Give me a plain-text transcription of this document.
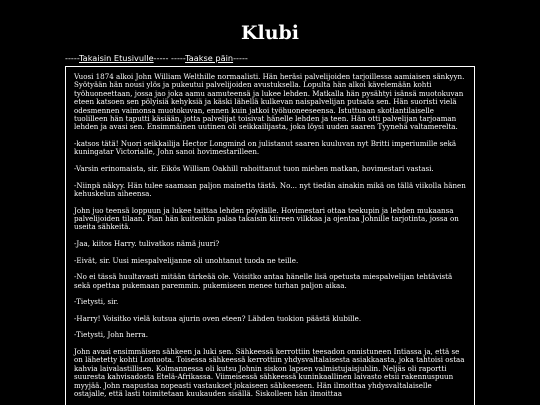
Klubi
-----Takaisin Etusivulle----- -----Taakse päin-----

Vuosi 1874 alkoi John William Welthille normaalisti. Hän heräsi palvelijoiden tarjoillessa aamiaisen sänkyyn. Syötyään hän nousi ylös ja pukeutui palvelijoiden avustuksella. Lopulta hän alkoi kävelemään kohti työhuoneettaan, jossa jao joka aamu aamuteensä ja lukee lehden. Matkalla hän pysähtyi isänsä muotokuvan eteen katsoen sen pölyisiä kehyksiä ja käski lähellä kulkevan naispalvelijan putsata sen. Hän suoristi vielä odesmennen vaimonsa muotokuvan, ennen kuin jatkoi työhuoneeseensa. Istuttuaan skotlantilaiselle tuolilleen hän taputti käsiään, jotta palvelijat toisivat hänelle lehden ja teen. Hän otti palvelijan tarjoaman lehden ja avasi sen. Ensimmäinen uutinen oli seikkailijasta, joka löysi uuden saaren Tyynehä valtamerelta.

-katsos tätä! Nuori seikkailija Hector Longmind on julistanut saaren kuuluvan nyt Britti imperiumille sekä kuningatar Victorialle, John sanoi hovimestarilleen.

-Varsin erinomaista, sir. Eikös William Oakhill rahoittanut tuon miehen matkan, hovimestari vastasi.

-Niinpä näkyy. Hän tulee saamaan paljon mainetta tästä. No... nyt tiedän ainakin mikä on tällä viikolla hänen kehuskelun aiheensa.

John juo teensä loppuun ja lukee taittaa lehden pöydälle. Hovimestari ottaa teekupin ja lehden mukaansa palvelijoiden tilaan. Pian hän kuitenkin palaa takaisin kiireen vilkkaa ja ojentaa Johnille tarjotinta, jossa on useita sähkeitä.

-Jaa, kiitos Harry. tulivatkos nämä juuri?

-Eivät, sir. Uusi miespalvelijanne oli unohtanut tuoda ne teille.

-No ei tässä huultavasti mitään tärkeää ole. Voisitko antaa hänelle lisä opetusta miespalvelijan tehtävistä sekä opettaa pukemaan paremmin. pukemiseen menee turhan paljon aikaa.

-Tietysti, sir.

-Harry! Voisitko vielä kutsua ajurin oven eteen? Lähden tuokion päästä klubille.

-Tietysti, John herra.

John avasi ensimmäisen sähkeen ja luki sen. Sähkeessä kerrottiin teesadon onnistuneen Intiassa ja, että se on lähetetty kohti Lontoota. Toisessa sähkeessä kerrottiin yhdysvaltalaisesta asiakkaasta, joka tahtoisi ostaa kahvia laivalastillisen. Kolmannessa oli kutsu Johnin siskon lapsen valmistujaisjuhlin. Neljäs oli raportti suuresta kahvisadosta Etelä-Afrikassa. Viimeisessä sähkeessä kuninkaallinen laivasto etsii rakennuspuun myyjää. John raapustaa nopeasti vastaukset jokaiseen sähkeeseen. Hän ilmoittaa yhdysvaltalaiselle ostajalle, että lasti toimitetaan kuukauden sisällä. Siskolleen hän ilmoittaa
